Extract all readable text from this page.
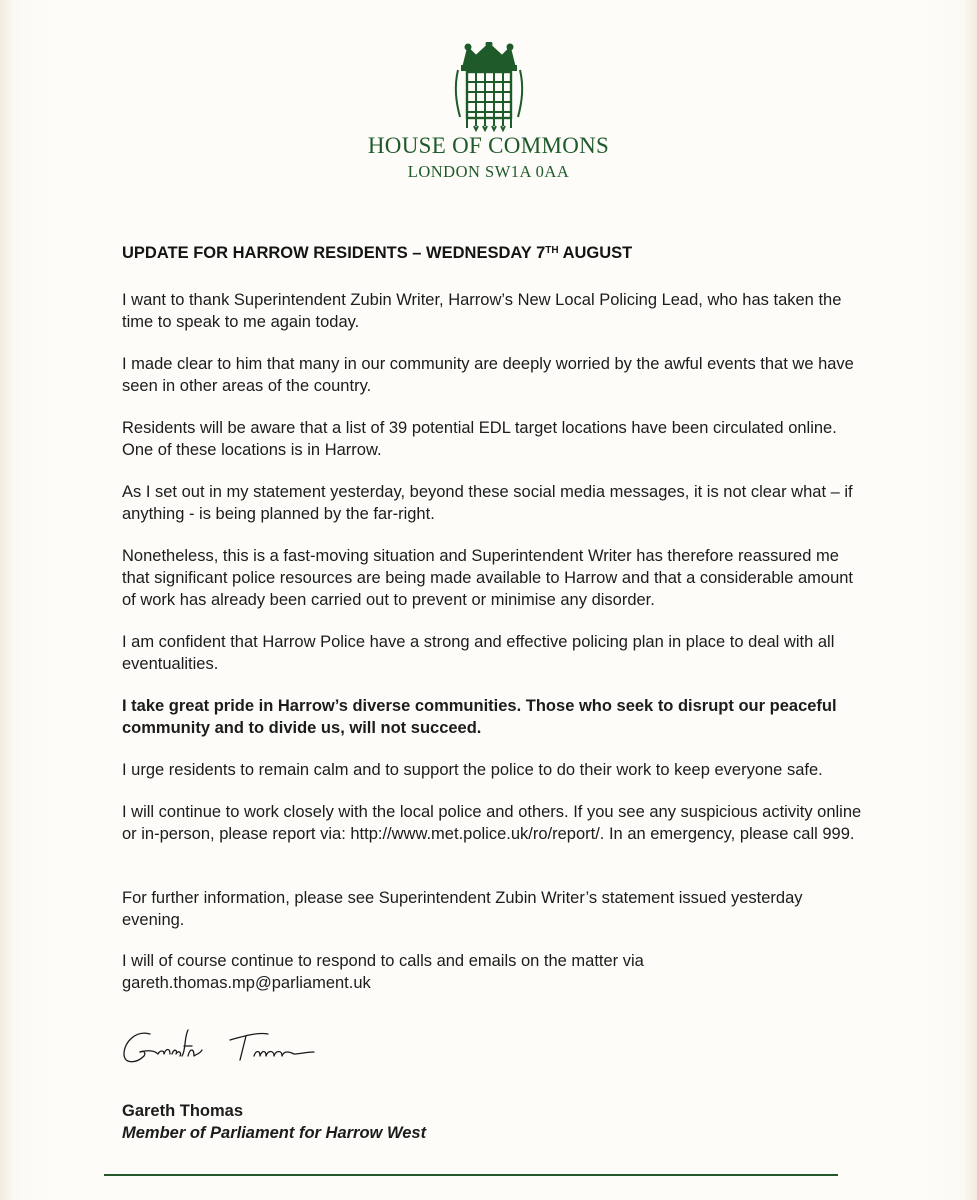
HOUSE OF COMMONS
LONDON SW1A 0AA
UPDATE FOR HARROW RESIDENTS – WEDNESDAY 7TH AUGUST
I want to thank Superintendent Zubin Writer, Harrow’s New Local Policing Lead, who has taken the time to speak to me again today.
I made clear to him that many in our community are deeply worried by the awful events that we have seen in other areas of the country.
Residents will be aware that a list of 39 potential EDL target locations have been circulated online. One of these locations is in Harrow.
As I set out in my statement yesterday, beyond these social media messages, it is not clear what – if anything - is being planned by the far-right.
Nonetheless, this is a fast-moving situation and Superintendent Writer has therefore reassured me that significant police resources are being made available to Harrow and that a considerable amount of work has already been carried out to prevent or minimise any disorder.
I am confident that Harrow Police have a strong and effective policing plan in place to deal with all eventualities.
I take great pride in Harrow’s diverse communities. Those who seek to disrupt our peaceful community and to divide us, will not succeed.
I urge residents to remain calm and to support the police to do their work to keep everyone safe.
I will continue to work closely with the local police and others. If you see any suspicious activity online or in-person, please report via: http://www.met.police.uk/ro/report/. In an emergency, please call 999.
For further information, please see Superintendent Zubin Writer’s statement issued yesterday evening.
I will of course continue to respond to calls and emails on the matter via gareth.thomas.mp@parliament.uk
Gareth Thomas
Member of Parliament for Harrow West
